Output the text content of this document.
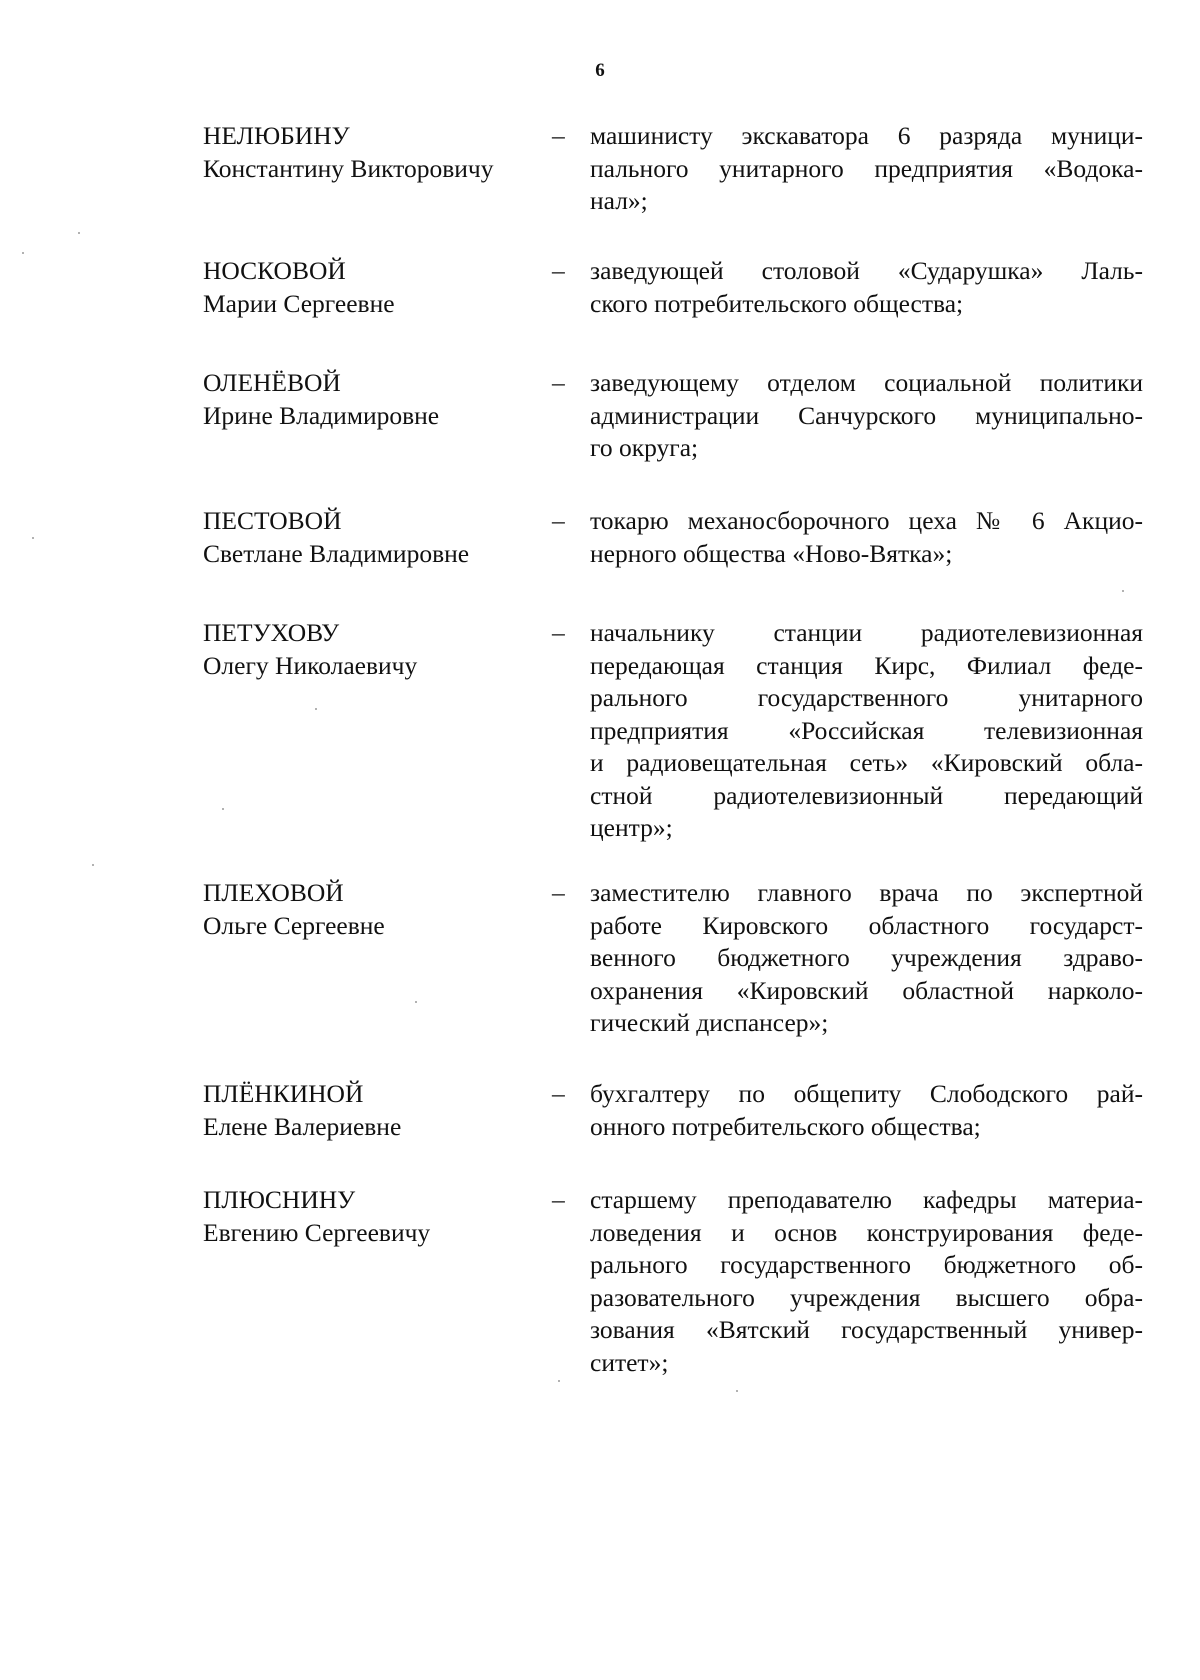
6
НЕЛЮБИНУ
Константину Викторовичу
– машинисту экскаватора 6 разряда муници-
пального унитарного предприятия «Водока-
нал»;
НОСКОВОЙ
Марии Сергеевне
– заведующей столовой «Сударушка» Лаль-
ского потребительского общества;
ОЛЕНЁВОЙ
Ирине Владимировне
– заведующему отделом социальной политики
администрации Санчурского муниципально-
го округа;
ПЕСТОВОЙ
Светлане Владимировне
– токарю механосборочного цеха № 6 Акцио-
нерного общества «Ново-Вятка»;
ПЕТУХОВУ
Олегу Николаевичу
– начальнику станции радиотелевизионная
передающая станция Кирс, Филиал феде-
рального государственного унитарного
предприятия «Российская телевизионная
и радиовещательная сеть» «Кировский обла-
стной радиотелевизионный передающий
центр»;
ПЛЕХОВОЙ
Ольге Сергеевне
– заместителю главного врача по экспертной
работе Кировского областного государст-
венного бюджетного учреждения здраво-
охранения «Кировский областной нарколо-
гический диспансер»;
ПЛЁНКИНОЙ
Елене Валериевне
– бухгалтеру по общепиту Слободского рай-
онного потребительского общества;
ПЛЮСНИНУ
Евгению Сергеевичу
– старшему преподавателю кафедры материа-
ловедения и основ конструирования феде-
рального государственного бюджетного об-
разовательного учреждения высшего обра-
зования «Вятский государственный универ-
ситет»;
